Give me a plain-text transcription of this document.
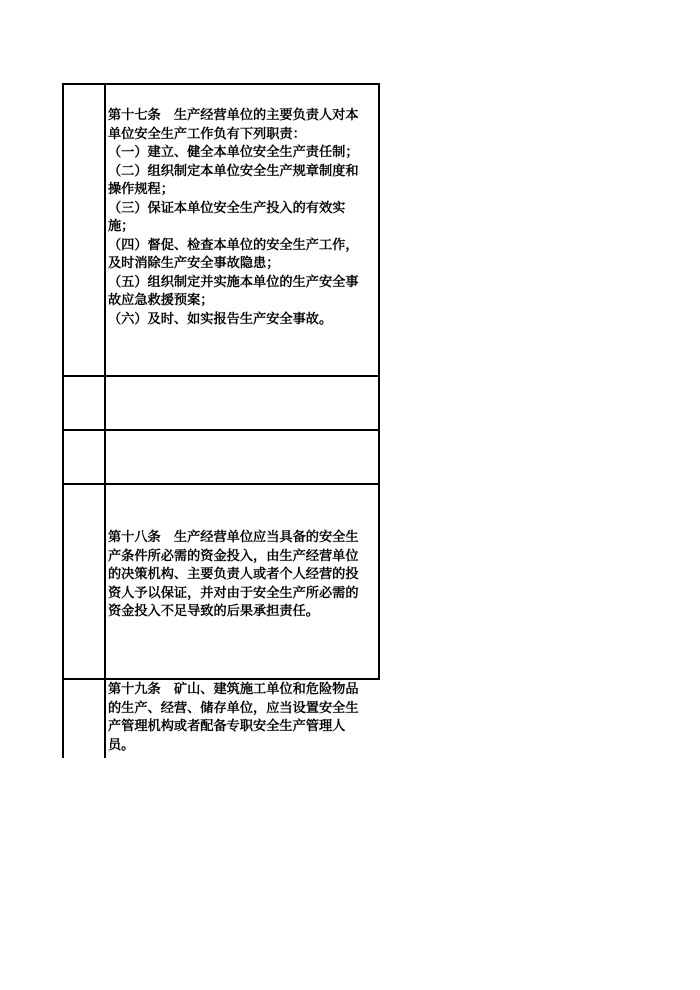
第十七条　生产经营单位的主要负责人对本单位安全生产工作负有下列职责：

（一）建立、健全本单位安全生产责任制；

（二）组织制定本单位安全生产规章制度和操作规程；

（三）保证本单位安全生产投入的有效实施；

（四）督促、检查本单位的安全生产工作，及时消除生产安全事故隐患；

（五）组织制定并实施本单位的生产安全事故应急救援预案；

（六）及时、如实报告生产安全事故。

第十八条　生产经营单位应当具备的安全生产条件所必需的资金投入，由生产经营单位的决策机构、主要负责人或者个人经营的投资人予以保证，并对由于安全生产所必需的资金投入不足导致的后果承担责任。

第十九条　矿山、建筑施工单位和危险物品的生产、经营、储存单位，应当设置安全生产管理机构或者配备专职安全生产管理人员。
